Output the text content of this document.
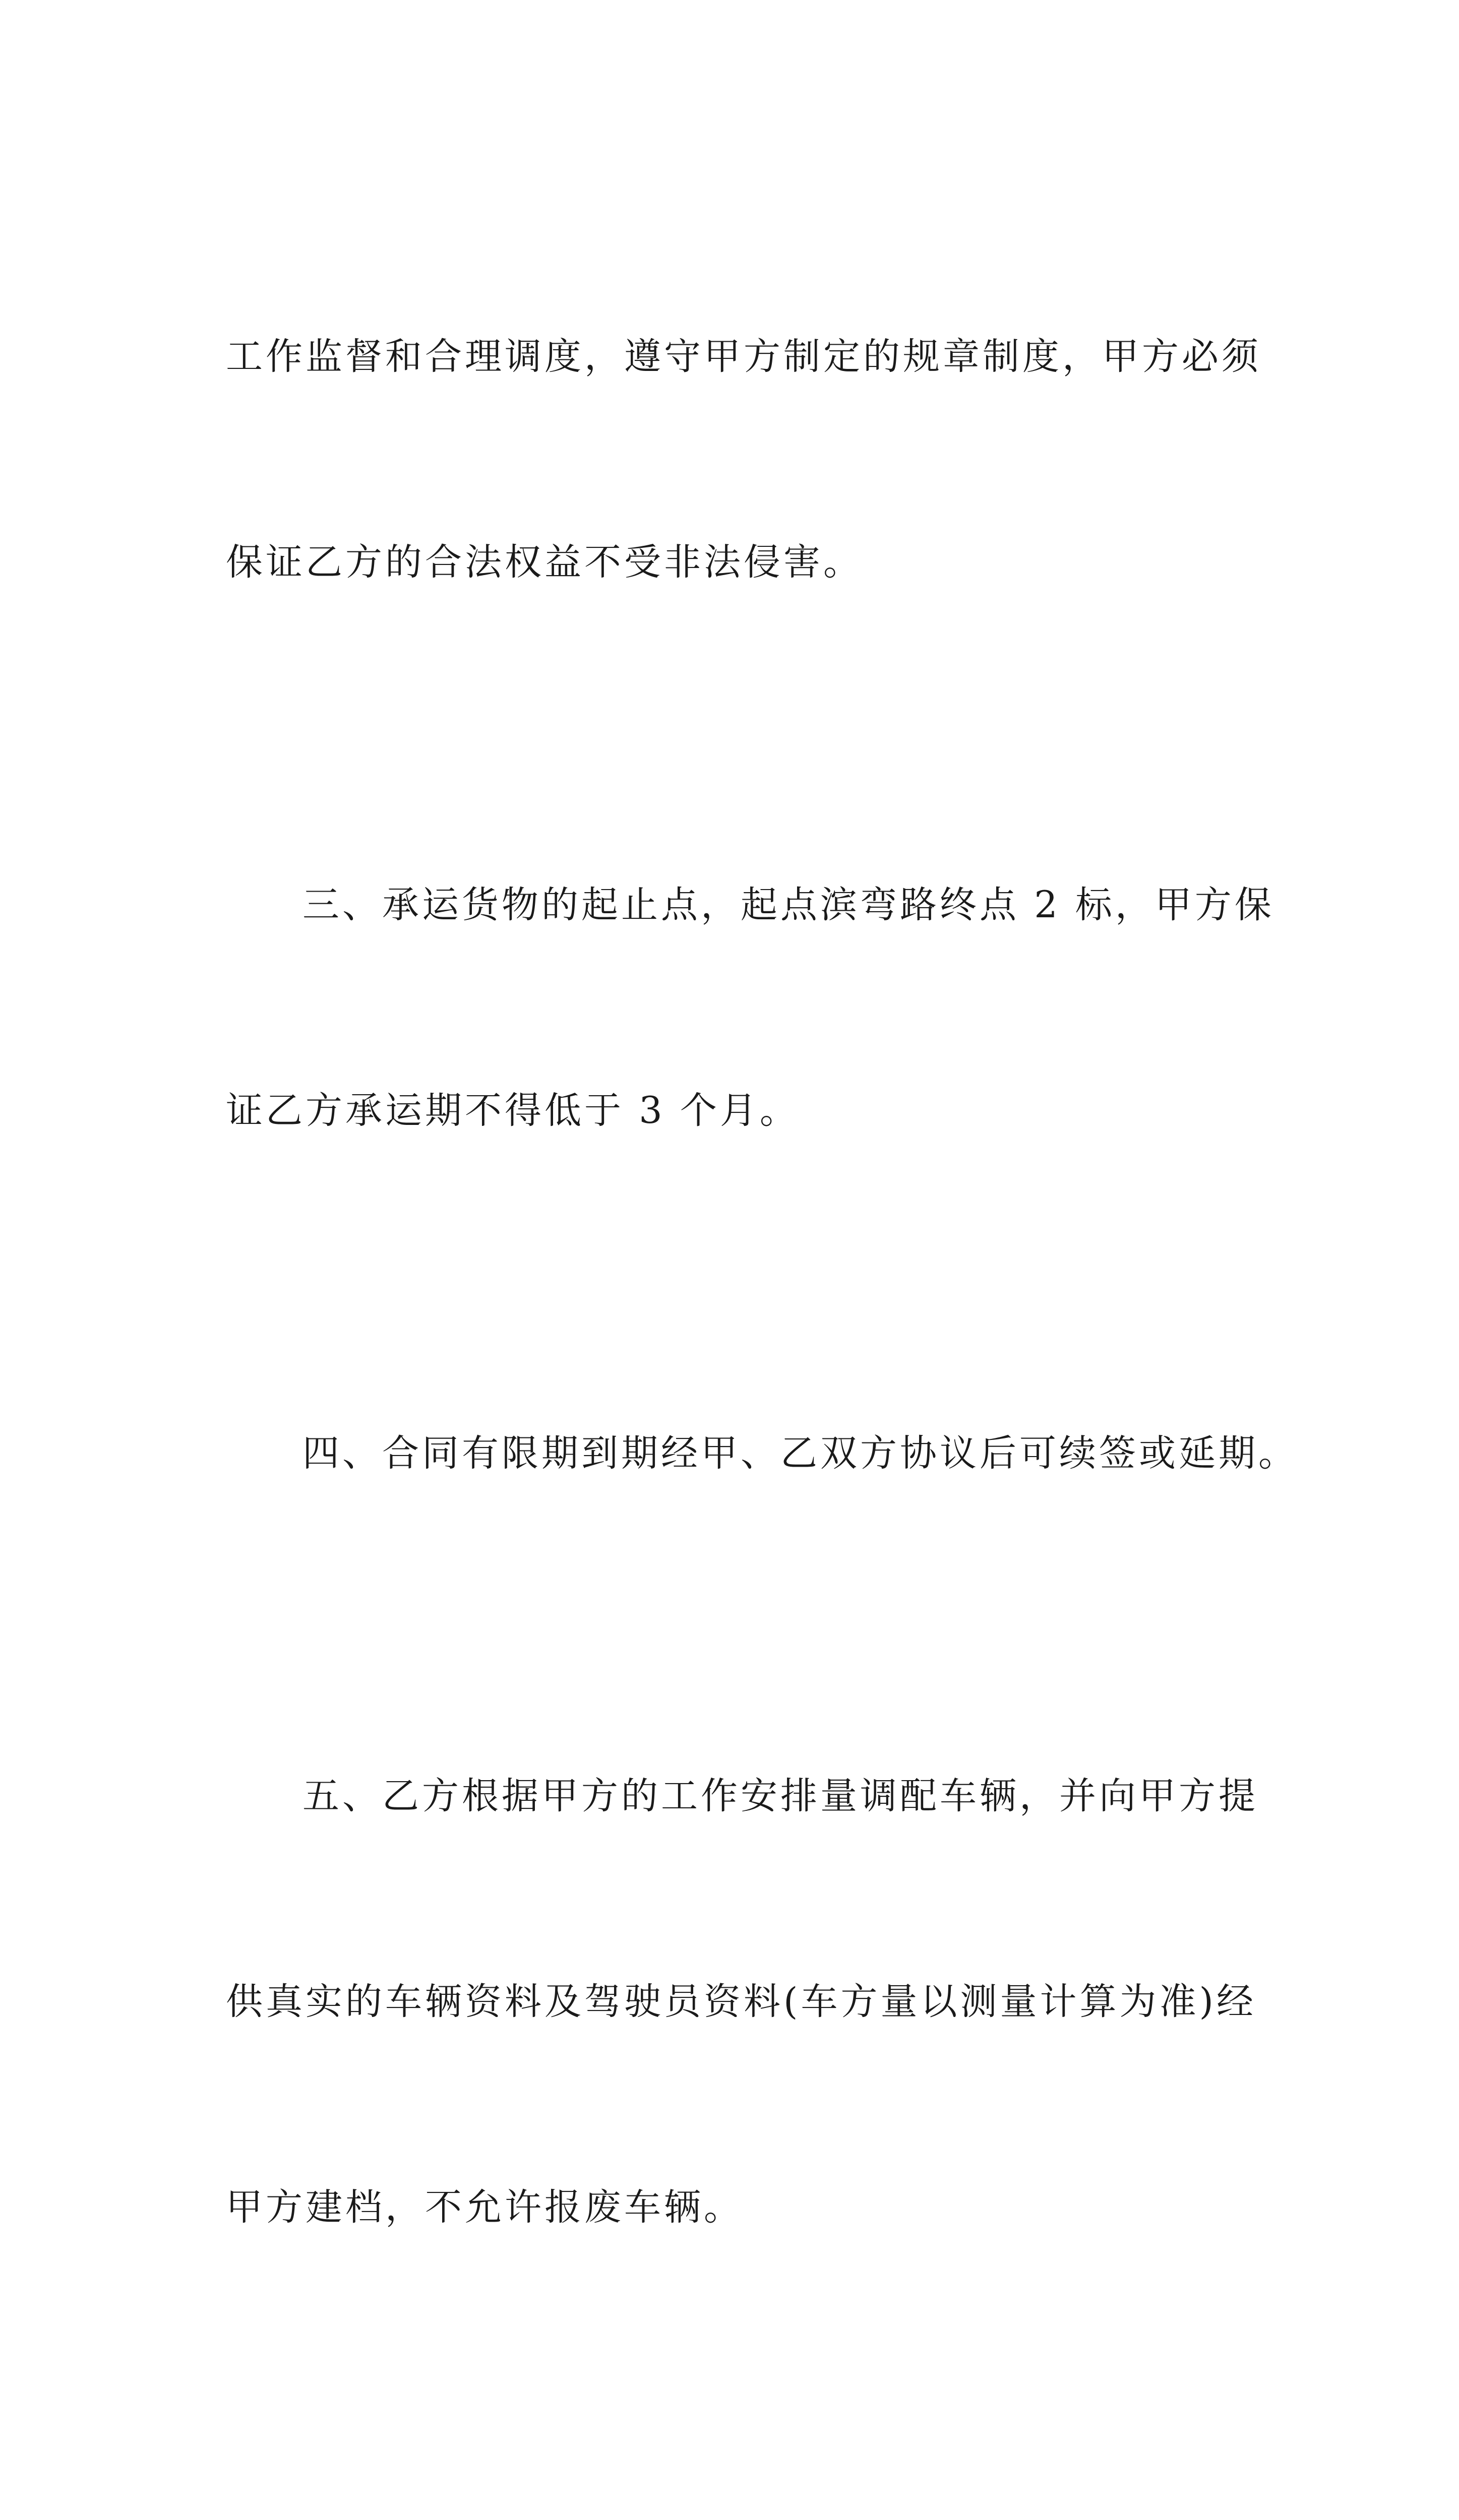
工作监督和合理调度，遵守甲方制定的规章制度，甲方必须

保证乙方的合法权益不受非法侵害。

三、承运货物的起止点，起点滨弯路终点 2 标，甲方保

证乙方承运期不得低于 3 个月。

四、合同有限期到期经甲、乙双方协议后可续签或延期。

五、乙方根据甲方的工作安排量调配车辆，并向甲方提

供真实的车辆资料及驾驶员资料(车方量以测量计算为准)经

甲方建档，不允许报废车辆。
